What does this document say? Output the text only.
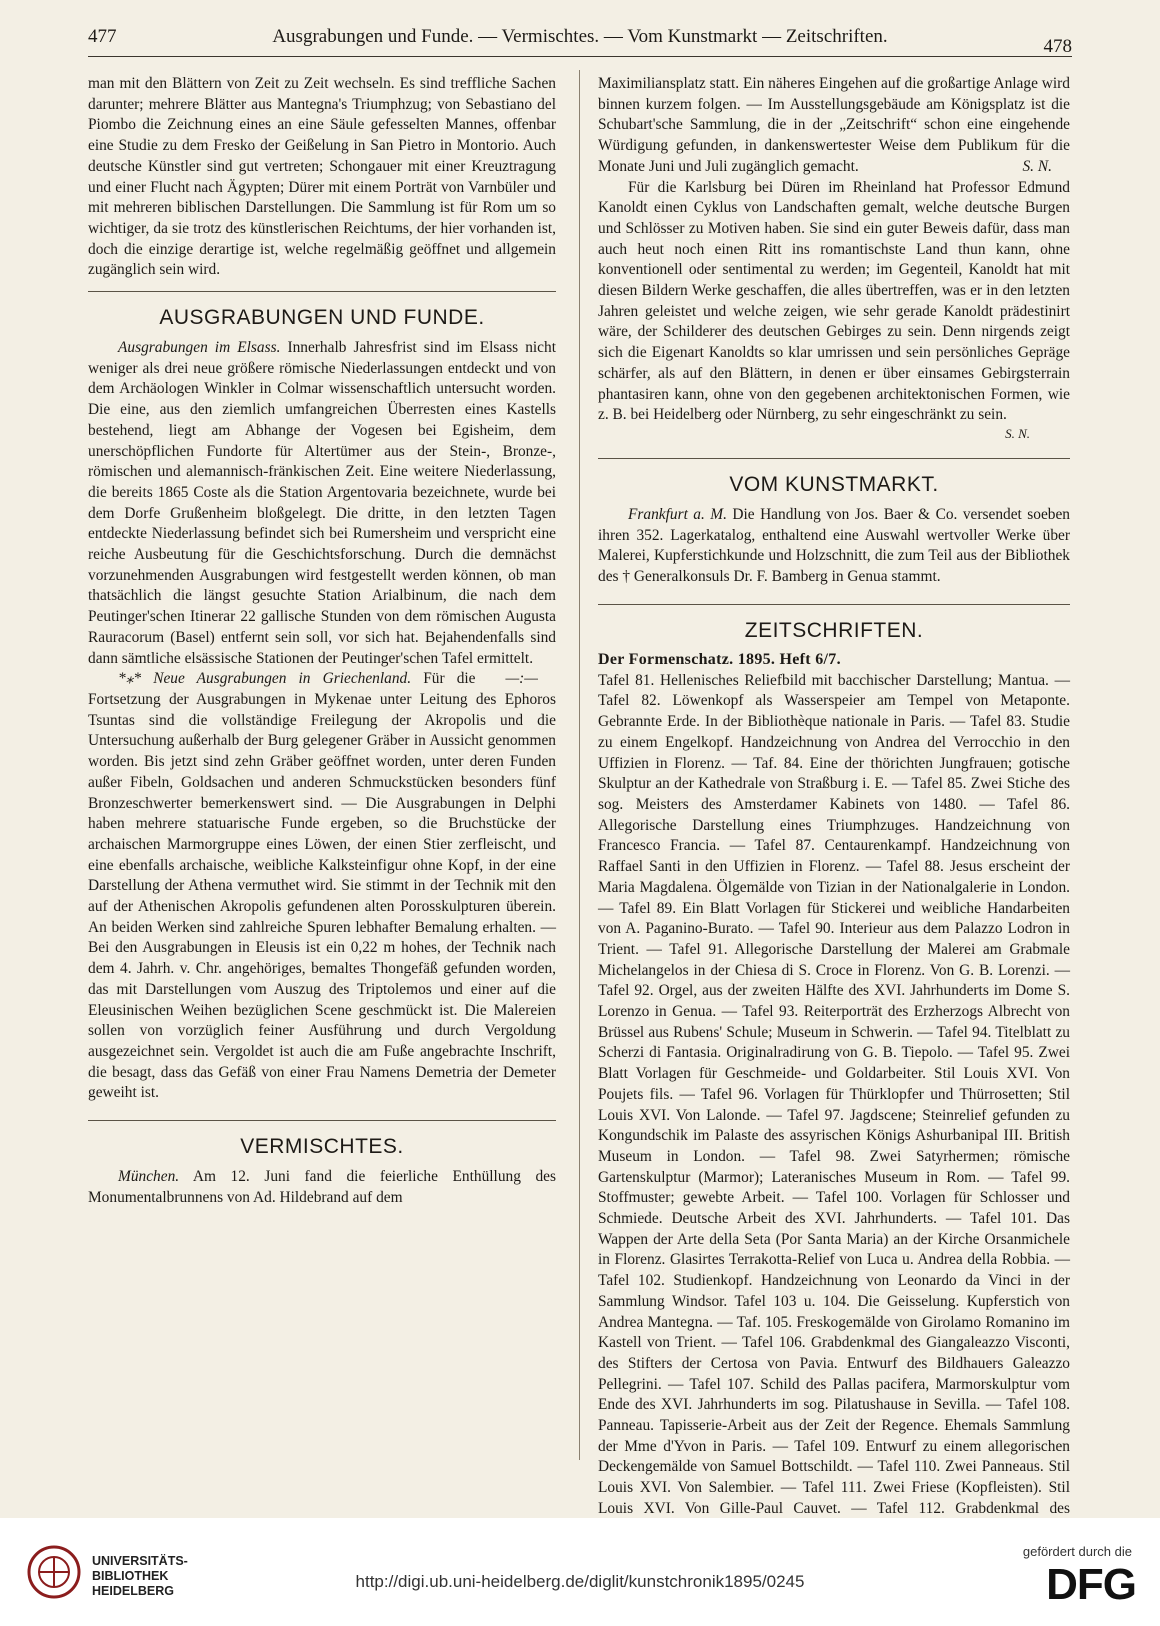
477	Ausgrabungen und Funde. — Vermischtes. — Vom Kunstmarkt — Zeitschriften.	478

man mit den Blättern von Zeit zu Zeit wechseln. Es sind treffliche Sachen darunter; mehrere Blätter aus Mantegna's Triumphzug; von Sebastiano del Piombo die Zeichnung eines an eine Säule gefesselten Mannes, offenbar eine Studie zu dem Fresko der Geißelung in San Pietro in Montorio. Auch deutsche Künstler sind gut vertreten; Schongauer mit einer Kreuztragung und einer Flucht nach Ägypten; Dürer mit einem Porträt von Varnbüler und mit mehreren biblischen Darstellungen. Die Sammlung ist für Rom um so wichtiger, da sie trotz des künstlerischen Reichtums, der hier vorhanden ist, doch die einzige derartige ist, welche regelmäßig geöffnet und allgemein zugänglich sein wird.

AUSGRABUNGEN UND FUNDE.

Ausgrabungen im Elsass. Innerhalb Jahresfrist sind im Elsass nicht weniger als drei neue größere römische Niederlassungen entdeckt und von dem Archäologen Winkler in Colmar wissenschaftlich untersucht worden. Die eine, aus den ziemlich umfangreichen Überresten eines Kastells bestehend, liegt am Abhange der Vogesen bei Egisheim, dem unerschöpflichen Fundorte für Altertümer aus der Stein-, Bronze-, römischen und alemannisch-fränkischen Zeit. Eine weitere Niederlassung, die bereits 1865 Coste als die Station Argentovaria bezeichnete, wurde bei dem Dorfe Grußenheim bloßgelegt. Die dritte, in den letzten Tagen entdeckte Niederlassung befindet sich bei Rumersheim und verspricht eine reiche Ausbeutung für die Geschichtsforschung. Durch die demnächst vorzunehmenden Ausgrabungen wird festgestellt werden können, ob man thatsächlich die längst gesuchte Station Arialbinum, die nach dem Peutinger'schen Itinerar 22 gallische Stunden von dem römischen Augusta Rauracorum (Basel) entfernt sein soll, vor sich hat. Bejahendenfalls sind dann sämtliche elsässische Stationen der Peutinger'schen Tafel ermittelt.
—:—

*⁎* Neue Ausgrabungen in Griechenland. Für die Fortsetzung der Ausgrabungen in Mykenae unter Leitung des Ephoros Tsuntas sind die vollständige Freilegung der Akropolis und die Untersuchung außerhalb der Burg gelegener Gräber in Aussicht genommen worden. Bis jetzt sind zehn Gräber geöffnet worden, unter deren Funden außer Fibeln, Goldsachen und anderen Schmuckstücken besonders fünf Bronzeschwerter bemerkenswert sind. — Die Ausgrabungen in Delphi haben mehrere statuarische Funde ergeben, so die Bruchstücke der archaischen Marmorgruppe eines Löwen, der einen Stier zerfleischt, und eine ebenfalls archaische, weibliche Kalksteinfigur ohne Kopf, in der eine Darstellung der Athena vermuthet wird. Sie stimmt in der Technik mit den auf der Athenischen Akropolis gefundenen alten Porosskulpturen überein. An beiden Werken sind zahlreiche Spuren lebhafter Bemalung erhalten. — Bei den Ausgrabungen in Eleusis ist ein 0,22 m hohes, der Technik nach dem 4. Jahrh. v. Chr. angehöriges, bemaltes Thongefäß gefunden worden, das mit Darstellungen vom Auszug des Triptolemos und einer auf die Eleusinischen Weihen bezüglichen Scene geschmückt ist. Die Malereien sollen von vorzüglich feiner Ausführung und durch Vergoldung ausgezeichnet sein. Vergoldet ist auch die am Fuße angebrachte Inschrift, die besagt, dass das Gefäß von einer Frau Namens Demetria der Demeter geweiht ist.

VERMISCHTES.

München. Am 12. Juni fand die feierliche Enthüllung des Monumentalbrunnens von Ad. Hildebrand auf dem

Maximiliansplatz statt. Ein näheres Eingehen auf die großartige Anlage wird binnen kurzem folgen. — Im Ausstellungsgebäude am Königsplatz ist die Schubart'sche Sammlung, die in der „Zeitschrift“ schon eine eingehende Würdigung gefunden, in dankenswertester Weise dem Publikum für die Monate Juni und Juli zugänglich gemacht.	S. N.

Für die Karlsburg bei Düren im Rheinland hat Professor Edmund Kanoldt einen Cyklus von Landschaften gemalt, welche deutsche Burgen und Schlösser zu Motiven haben. Sie sind ein guter Beweis dafür, dass man auch heut noch einen Ritt ins romantischste Land thun kann, ohne konventionell oder sentimental zu werden; im Gegenteil, Kanoldt hat mit diesen Bildern Werke geschaffen, die alles übertreffen, was er in den letzten Jahren geleistet und welche zeigen, wie sehr gerade Kanoldt prädestinirt wäre, der Schilderer des deutschen Gebirges zu sein. Denn nirgends zeigt sich die Eigenart Kanoldts so klar umrissen und sein persönliches Gepräge schärfer, als auf den Blättern, in denen er über einsames Gebirgsterrain phantasiren kann, ohne von den gegebenen architektonischen Formen, wie z. B. bei Heidelberg oder Nürnberg, zu sehr eingeschränkt zu sein.

S. N.
VOM KUNSTMARKT.

Frankfurt a. M. Die Handlung von Jos. Baer & Co. versendet soeben ihren 352. Lagerkatalog, enthaltend eine Auswahl wertvoller Werke über Malerei, Kupferstichkunde und Holzschnitt, die zum Teil aus der Bibliothek des † Generalkonsuls Dr. F. Bamberg in Genua stammt.

ZEITSCHRIFTEN.
Der Formenschatz. 1895. Heft 6/7.

Tafel 81. Hellenisches Reliefbild mit bacchischer Darstellung; Mantua. — Tafel 82. Löwenkopf als Wasserspeier am Tempel von Metaponte. Gebrannte Erde. In der Bibliothèque nationale in Paris. — Tafel 83. Studie zu einem Engelkopf. Handzeichnung von Andrea del Verrocchio in den Uffizien in Florenz. — Taf. 84. Eine der thörichten Jungfrauen; gotische Skulptur an der Kathedrale von Straßburg i. E. — Tafel 85. Zwei Stiche des sog. Meisters des Amsterdamer Kabinets von 1480. — Tafel 86. Allegorische Darstellung eines Triumphzuges. Handzeichnung von Francesco Francia. — Tafel 87. Centaurenkampf. Handzeichnung von Raffael Santi in den Uffizien in Florenz. — Tafel 88. Jesus erscheint der Maria Magdalena. Ölgemälde von Tizian in der Nationalgalerie in London. — Tafel 89. Ein Blatt Vorlagen für Stickerei und weibliche Handarbeiten von A. Paganino-Burato. — Tafel 90. Interieur aus dem Palazzo Lodron in Trient. — Tafel 91. Allegorische Darstellung der Malerei am Grabmale Michelangelos in der Chiesa di S. Croce in Florenz. Von G. B. Lorenzi. — Tafel 92. Orgel, aus der zweiten Hälfte des XVI. Jahrhunderts im Dome S. Lorenzo in Genua. — Tafel 93. Reiterporträt des Erzherzogs Albrecht von Brüssel aus Rubens' Schule; Museum in Schwerin. — Tafel 94. Titelblatt zu Scherzi di Fantasia. Originalradirung von G. B. Tiepolo. — Tafel 95. Zwei Blatt Vorlagen für Geschmeide- und Goldarbeiter. Stil Louis XVI. Von Poujets fils. — Tafel 96. Vorlagen für Thürklopfer und Thürrosetten; Stil Louis XVI. Von Lalonde. — Tafel 97. Jagdscene; Steinrelief gefunden zu Kongundschik im Palaste des assyrischen Königs Ashurbanipal III. British Museum in London. — Tafel 98. Zwei Satyrhermen; römische Gartenskulptur (Marmor); Lateranisches Museum in Rom. — Tafel 99. Stoffmuster; gewebte Arbeit. — Tafel 100. Vorlagen für Schlosser und Schmiede. Deutsche Arbeit des XVI. Jahrhunderts. — Tafel 101. Das Wappen der Arte della Seta (Por Santa Maria) an der Kirche Orsanmichele in Florenz. Glasirtes Terrakotta-Relief von Luca u. Andrea della Robbia. — Tafel 102. Studienkopf. Handzeichnung von Leonardo da Vinci in der Sammlung Windsor. Tafel 103 u. 104. Die Geisselung. Kupferstich von Andrea Mantegna. — Taf. 105. Freskogemälde von Girolamo Romanino im Kastell von Trient. — Tafel 106. Grabdenkmal des Giangaleazzo Visconti, des Stifters der Certosa von Pavia. Entwurf des Bildhauers Galeazzo Pellegrini. — Tafel 107. Schild des Pallas pacifera, Marmorskulptur vom Ende des XVI. Jahrhunderts im sog. Pilatushause in Sevilla. — Tafel 108. Panneau. Tapisserie-Arbeit aus der Zeit der Regence. Ehemals Sammlung der Mme d'Yvon in Paris. — Tafel 109. Entwurf zu einem allegorischen Deckengemälde von Samuel Bottschildt. — Tafel 110. Zwei Panneaus. Stil Louis XVI. Von Salembier. — Tafel 111. Zwei Friese (Kopfleisten). Stil Louis XVI. Von Gille-Paul Cauvet. — Tafel 112. Grabdenkmal des

UNIVERSITÄTS-
BIBLIOTHEK
HEIDELBERG	http://digi.ub.uni-heidelberg.de/diglit/kunstchronik1895/0245
gefördert durch die
DFG
